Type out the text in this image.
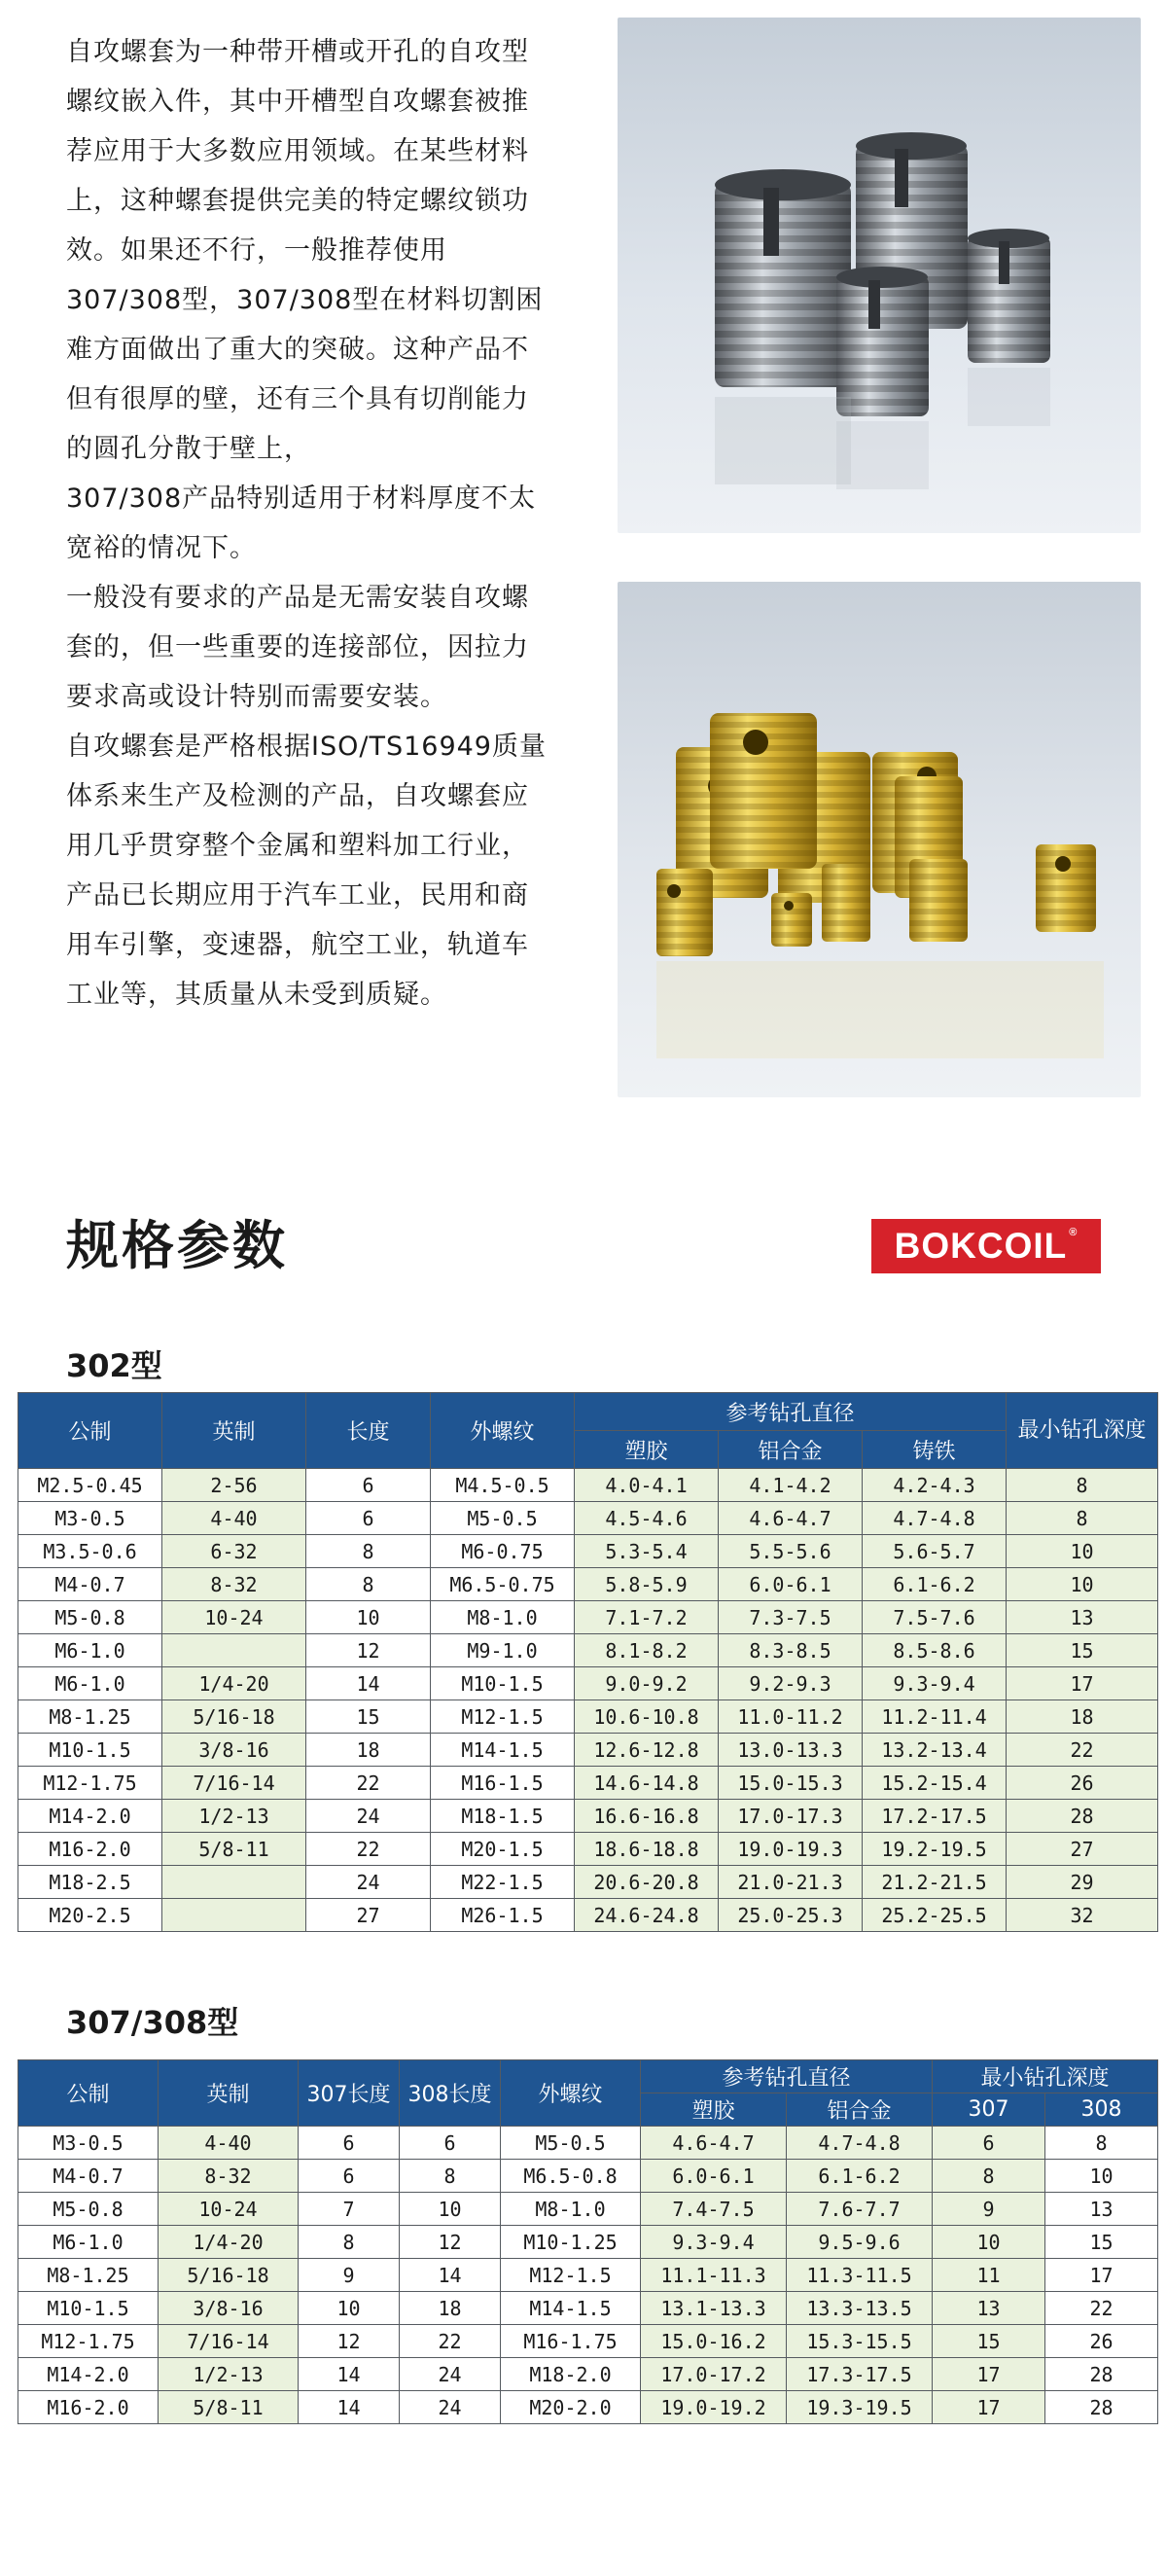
自攻螺套为一种带开槽或开孔的自攻型螺纹嵌入件，其中开槽型自攻螺套被推荐应用于大多数应用领域。在某些材料上，这种螺套提供完美的特定螺纹锁功效。如果还不行，一般推荐使用 307/308型，307/308型在材料切割困难方面做出了重大的突破。这种产品不但有很厚的壁，还有三个具有切削能力的圆孔分散于壁上，

307/308产品特别适用于材料厚度不太宽裕的情况下。

一般没有要求的产品是无需安装自攻螺套的，但一些重要的连接部位，因拉力要求高或设计特别而需要安装。

自攻螺套是严格根据ISO/TS16949质量体系来生产及检测的产品，自攻螺套应用几乎贯穿整个金属和塑料加工行业，产品已长期应用于汽车工业，民用和商用车引擎，变速器，航空工业，轨道车工业等，其质量从未受到质疑。

规格参数	BOKCOIL®
302型
公制	英制	长度	外螺纹	参考钻孔直径			最小钻孔深度
				塑胶	铝合金	铸铁	
M2.5-0.45	2-56	6	M4.5-0.5	4.0-4.1	4.1-4.2	4.2-4.3	8
M3-0.5	4-40	6	M5-0.5	4.5-4.6	4.6-4.7	4.7-4.8	8
M3.5-0.6	6-32	8	M6-0.75	5.3-5.4	5.5-5.6	5.6-5.7	10
M4-0.7	8-32	8	M6.5-0.75	5.8-5.9	6.0-6.1	6.1-6.2	10
M5-0.8	10-24	10	M8-1.0	7.1-7.2	7.3-7.5	7.5-7.6	13
M6-1.0		12	M9-1.0	8.1-8.2	8.3-8.5	8.5-8.6	15
M6-1.0	1/4-20	14	M10-1.5	9.0-9.2	9.2-9.3	9.3-9.4	17
M8-1.25	5/16-18	15	M12-1.5	10.6-10.8	11.0-11.2	11.2-11.4	18
M10-1.5	3/8-16	18	M14-1.5	12.6-12.8	13.0-13.3	13.2-13.4	22
M12-1.75	7/16-14	22	M16-1.5	14.6-14.8	15.0-15.3	15.2-15.4	26
M14-2.0	1/2-13	24	M18-1.5	16.6-16.8	17.0-17.3	17.2-17.5	28
M16-2.0	5/8-11	22	M20-1.5	18.6-18.8	19.0-19.3	19.2-19.5	27
M18-2.5		24	M22-1.5	20.6-20.8	21.0-21.3	21.2-21.5	29
M20-2.5		27	M26-1.5	24.6-24.8	25.0-25.3	25.2-25.5	32
307/308型
公制	英制	307长度	308长度	外螺纹	参考钻孔直径		最小钻孔深度	
					塑胶	铝合金	307	308
M3-0.5	4-40	6	6	M5-0.5	4.6-4.7	4.7-4.8	6	8
M4-0.7	8-32	6	8	M6.5-0.8	6.0-6.1	6.1-6.2	8	10
M5-0.8	10-24	7	10	M8-1.0	7.4-7.5	7.6-7.7	9	13
M6-1.0	1/4-20	8	12	M10-1.25	9.3-9.4	9.5-9.6	10	15
M8-1.25	5/16-18	9	14	M12-1.5	11.1-11.3	11.3-11.5	11	17
M10-1.5	3/8-16	10	18	M14-1.5	13.1-13.3	13.3-13.5	13	22
M12-1.75	7/16-14	12	22	M16-1.75	15.0-16.2	15.3-15.5	15	26
M14-2.0	1/2-13	14	24	M18-2.0	17.0-17.2	17.3-17.5	17	28
M16-2.0	5/8-11	14	24	M20-2.0	19.0-19.2	19.3-19.5	17	28
